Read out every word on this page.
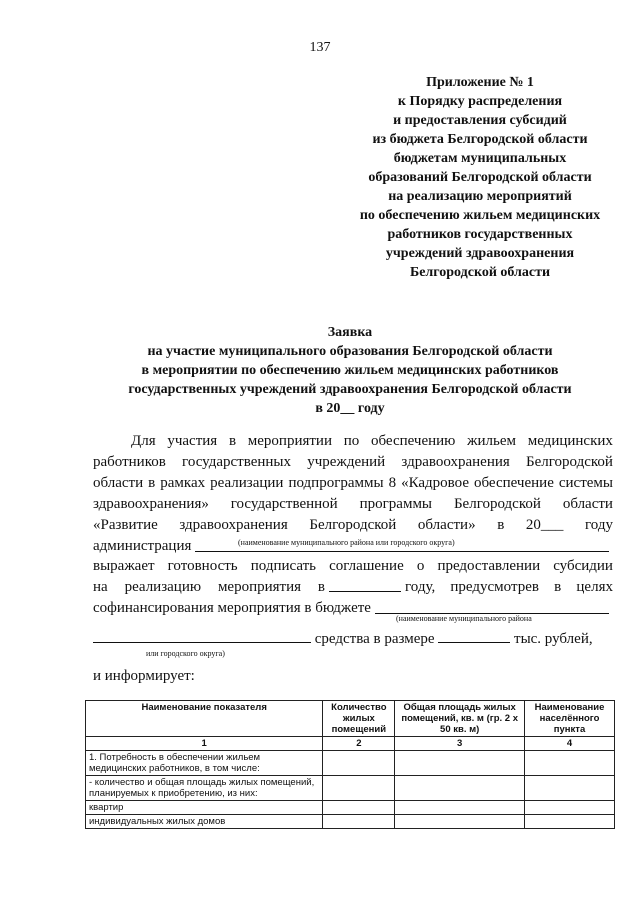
137
Приложение № 1
к Порядку распределения
и предоставления субсидий
из бюджета Белгородской области
бюджетам муниципальных
образований Белгородской области
на реализацию мероприятий
по обеспечению жильем медицинских
работников государственных
учреждений здравоохранения
Белгородской области
Заявка
на участие муниципального образования Белгородской области
в мероприятии по обеспечению жильем медицинских работников
государственных учреждений здравоохранения Белгородской области
в 20__ году
Для участия в мероприятии по обеспечению жильем медицинских
работников государственных учреждений здравоохранения Белгородской
области в рамках реализации подпрограммы 8 «Кадровое обеспечение системы
здравоохранения» государственной программы Белгородской области
«Развитие здравоохранения Белгородской области» в 20___ году
администрация	(наименование муниципального района или городского округа)
выражает готовность подписать соглашение о предоставлении субсидии
на реализацию мероприятия в	году, предусмотрев в целях
софинансирования мероприятия в бюджете
(наименование муниципального района
средства в размере	тыс. рублей,
или городского округа)
и информирует:
Наименование показателя	Количество жилых помещений	Общая площадь жилых помещений, кв. м (гр. 2 х 50 кв. м)	Наименование населённого пункта
1	2	3	4
1. Потребность в обеспечении жильем медицинских работников, в том числе:			
- количество и общая площадь жилых помещений, планируемых к приобретению, из них:			
квартир			
индивидуальных жилых домов			
